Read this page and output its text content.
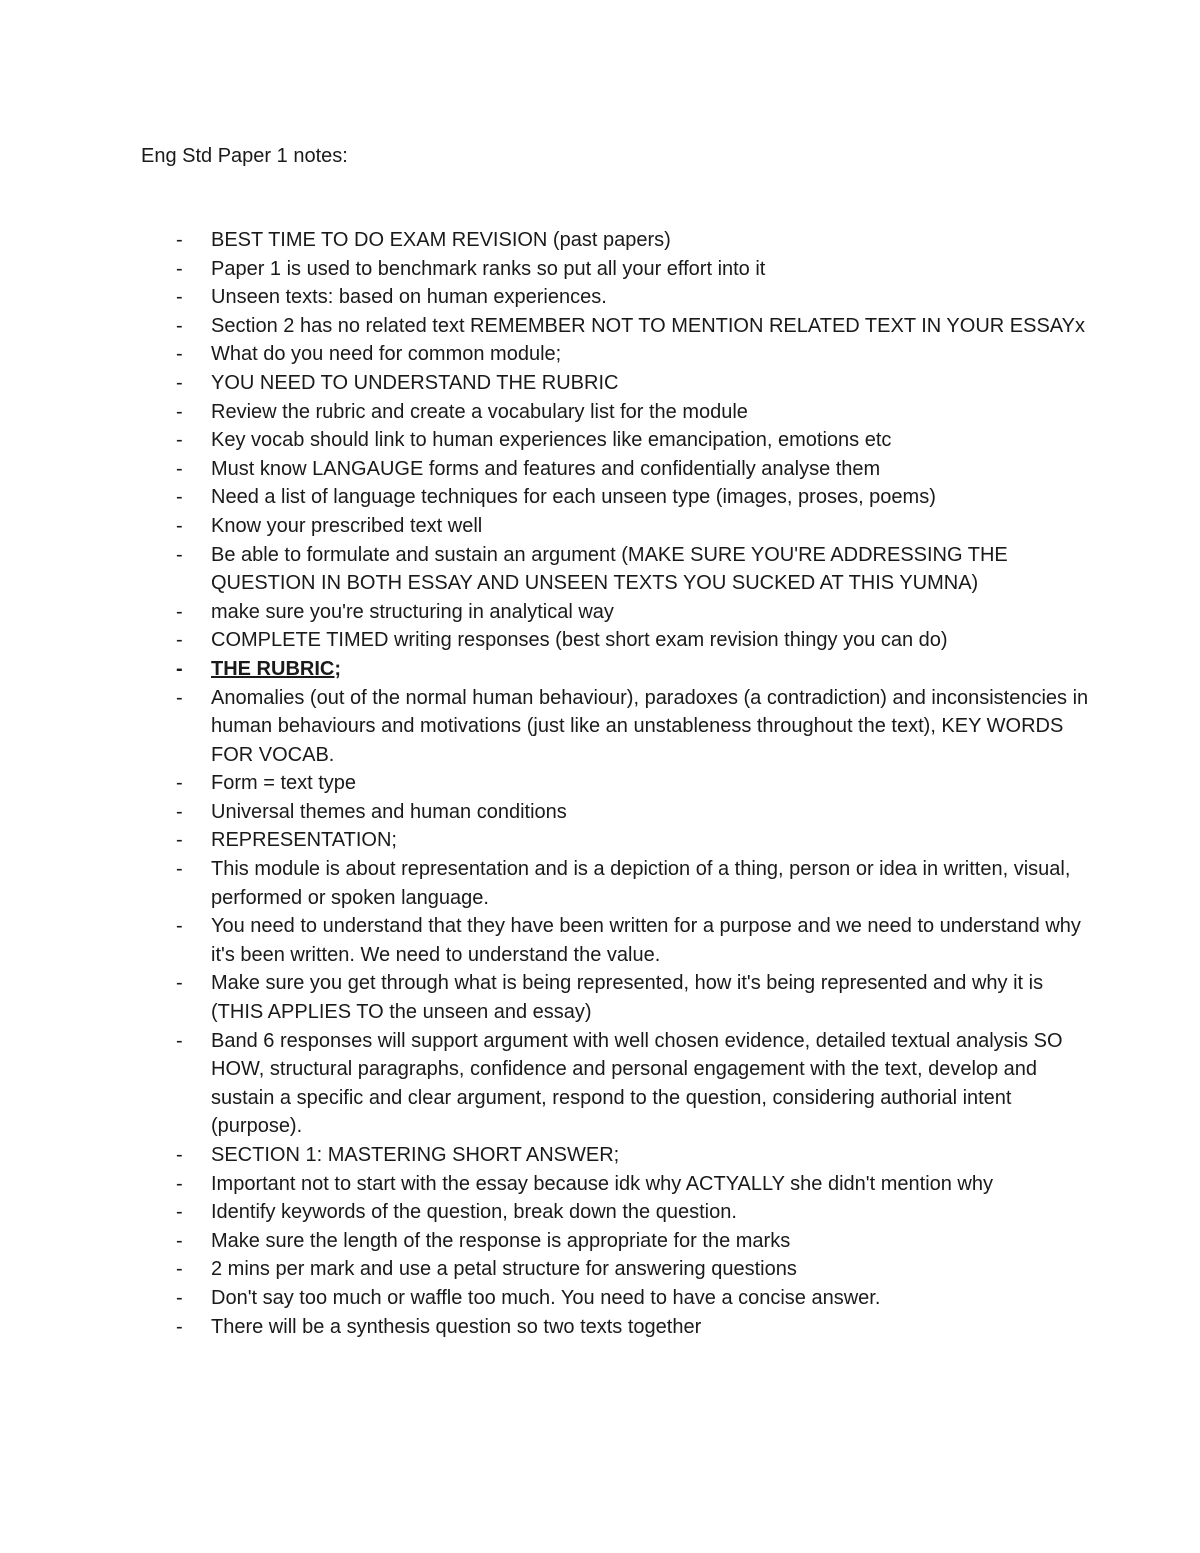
Eng Std Paper 1 notes:
- BEST TIME TO DO EXAM REVISION (past papers)
- Paper 1 is used to benchmark ranks so put all your effort into it
- Unseen texts: based on human experiences.
- Section 2 has no related text REMEMBER NOT TO MENTION RELATED TEXT IN YOUR ESSAYx
- What do you need for common module;
- YOU NEED TO UNDERSTAND THE RUBRIC
- Review the rubric and create a vocabulary list for the module
- Key vocab should link to human experiences like emancipation, emotions etc
- Must know LANGAUGE forms and features and confidentially analyse them
- Need a list of language techniques for each unseen type (images, proses, poems)
- Know your prescribed text well
- Be able to formulate and sustain an argument (MAKE SURE YOU'RE ADDRESSING THE QUESTION IN BOTH ESSAY AND UNSEEN TEXTS YOU SUCKED AT THIS YUMNA)
- make sure you're structuring in analytical way
- COMPLETE TIMED writing responses (best short exam revision thingy you can do)
- THE RUBRIC;
- Anomalies (out of the normal human behaviour), paradoxes (a contradiction) and inconsistencies in human behaviours and motivations (just like an unstableness throughout the text), KEY WORDS FOR VOCAB.
- Form = text type
- Universal themes and human conditions
- REPRESENTATION;
- This module is about representation and is a depiction of a thing, person or idea in written, visual, performed or spoken language.
- You need to understand that they have been written for a purpose and we need to understand why it's been written. We need to understand the value.
- Make sure you get through what is being represented, how it's being represented and why it is (THIS APPLIES TO the unseen and essay)
- Band 6 responses will support argument with well chosen evidence, detailed textual analysis SO HOW, structural paragraphs, confidence and personal engagement with the text, develop and sustain a specific and clear argument, respond to the question, considering authorial intent (purpose).
- SECTION 1: MASTERING SHORT ANSWER;
- Important not to start with the essay because idk why ACTYALLY she didn't mention why
- Identify keywords of the question, break down the question.
- Make sure the length of the response is appropriate for the marks
- 2 mins per mark and use a petal structure for answering questions
- Don't say too much or waffle too much. You need to have a concise answer.
- There will be a synthesis question so two texts together
